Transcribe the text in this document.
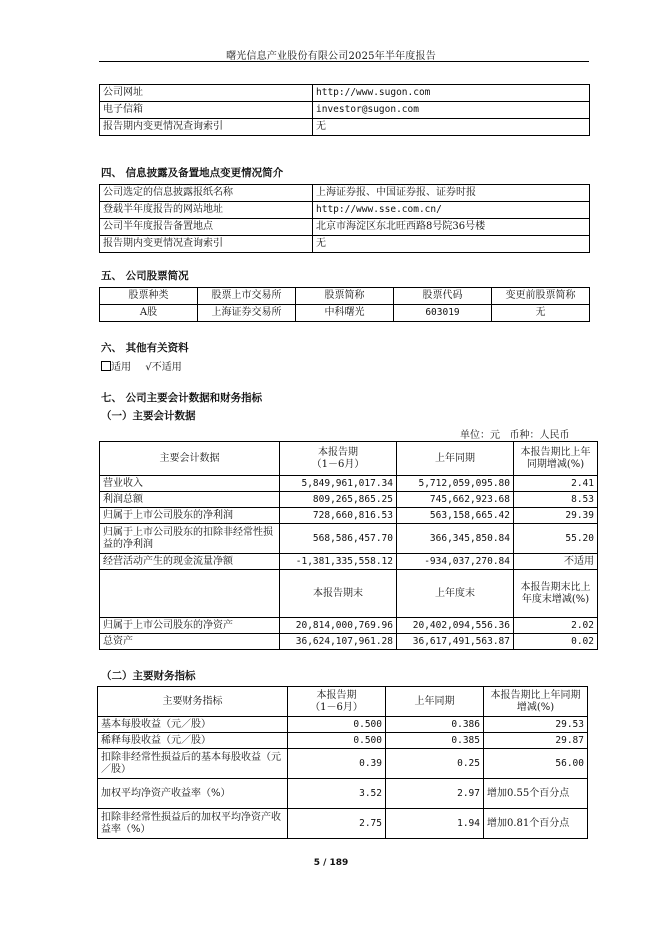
曙光信息产业股份有限公司2025年半年度报告
公司网址	http://www.sugon.com
电子信箱	investor@sugon.com
报告期内变更情况查询索引	无
四、 信息披露及备置地点变更情况简介
公司选定的信息披露报纸名称	上海证券报、中国证券报、证券时报
登载半年度报告的网站地址	http://www.sse.com.cn/
公司半年度报告备置地点	北京市海淀区东北旺西路8号院36号楼
报告期内变更情况查询索引	无
五、 公司股票简况
股票种类	股票上市交易所	股票简称	股票代码	变更前股票简称
A股	上海证券交易所	中科曙光	603019	无
六、 其他有关资料
适用 √不适用
七、 公司主要会计数据和财务指标
（一）主要会计数据
单位：元   币种：人民币
主要会计数据	本报告期
（1－6月）	上年同期	本报告期比上年同期增减(%)
营业收入	5,849,961,017.34	5,712,059,095.80	2.41
利润总额	809,265,865.25	745,662,923.68	8.53
归属于上市公司股东的净利润	728,660,816.53	563,158,665.42	29.39
归属于上市公司股东的扣除非经常性损益的净利润	568,586,457.70	366,345,850.84	55.20
经营活动产生的现金流量净额	-1,381,335,558.12	-934,037,270.84	不适用
	本报告期末	上年度末	本报告期末比上年度末增减(%)
归属于上市公司股东的净资产	20,814,000,769.96	20,402,094,556.36	2.02
总资产	36,624,107,961.28	36,617,491,563.87	0.02
（二）主要财务指标
主要财务指标	本报告期
（1－6月）	上年同期	本报告期比上年同期增减(%)
基本每股收益（元／股）	0.500	0.386	29.53
稀释每股收益（元／股）	0.500	0.385	29.87
扣除非经常性损益后的基本每股收益（元／股）	0.39	0.25	56.00
加权平均净资产收益率（%）	3.52	2.97	增加0.55个百分点
扣除非经常性损益后的加权平均净资产收益率（%）	2.75	1.94	增加0.81个百分点
5 / 189
